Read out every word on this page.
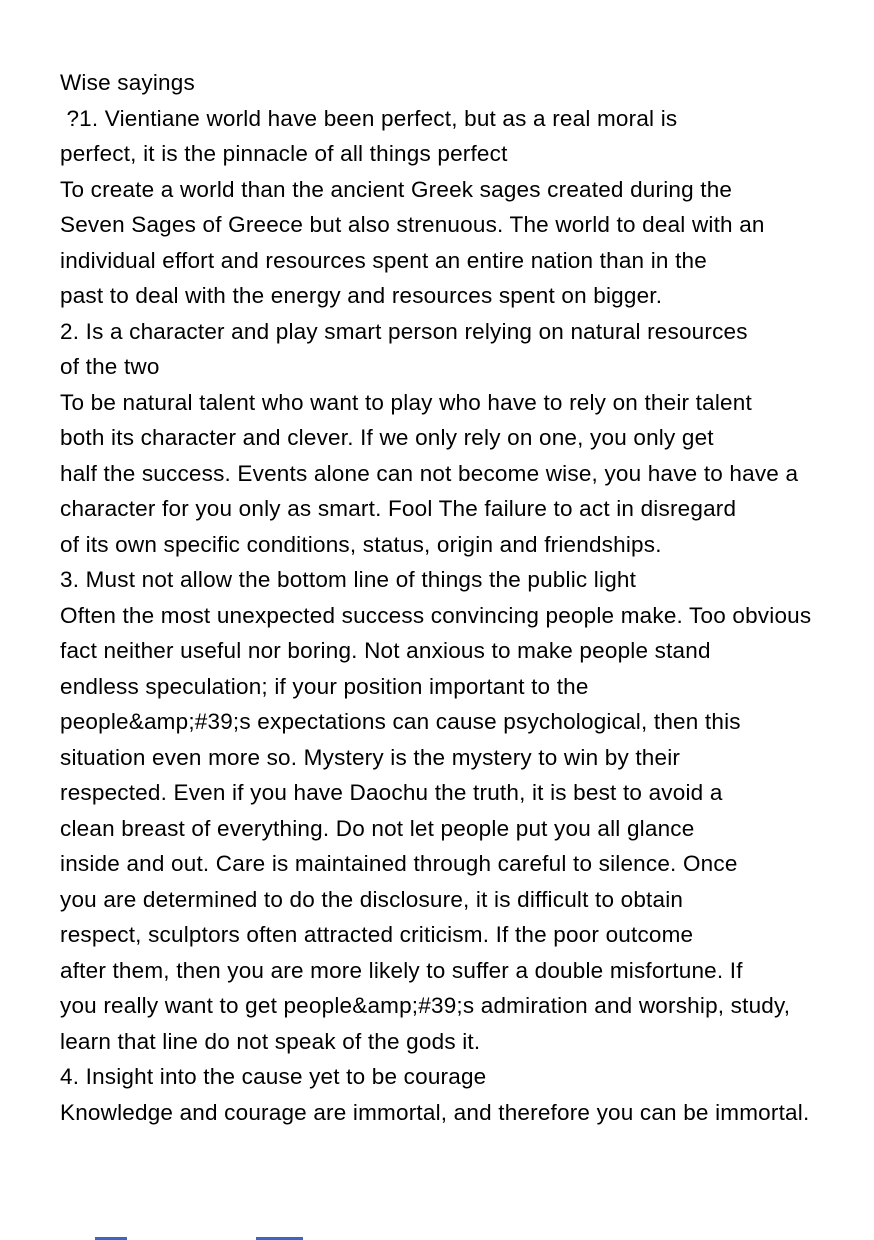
Wise sayings
?1. Vientiane world have been perfect, but as a real moral is
perfect, it is the pinnacle of all things perfect
To create a world than the ancient Greek sages created during the
Seven Sages of Greece but also strenuous. The world to deal with an
individual effort and resources spent an entire nation than in the
past to deal with the energy and resources spent on bigger.
2. Is a character and play smart person relying on natural resources
of the two
To be natural talent who want to play who have to rely on their talent
both its character and clever. If we only rely on one, you only get
half the success. Events alone can not become wise, you have to have a
character for you only as smart. Fool The failure to act in disregard
of its own specific conditions, status, origin and friendships.
3. Must not allow the bottom line of things the public light
Often the most unexpected success convincing people make. Too obvious
fact neither useful nor boring. Not anxious to make people stand
endless speculation; if your position important to the
people&amp;#39;s expectations can cause psychological, then this
situation even more so. Mystery is the mystery to win by their
respected. Even if you have Daochu the truth, it is best to avoid a
clean breast of everything. Do not let people put you all glance
inside and out. Care is maintained through careful to silence. Once
you are determined to do the disclosure, it is difficult to obtain
respect, sculptors often attracted criticism. If the poor outcome
after them, then you are more likely to suffer a double misfortune. If
you really want to get people&amp;#39;s admiration and worship, study,
learn that line do not speak of the gods it.
4. Insight into the cause yet to be courage
Knowledge and courage are immortal, and therefore you can be immortal.
